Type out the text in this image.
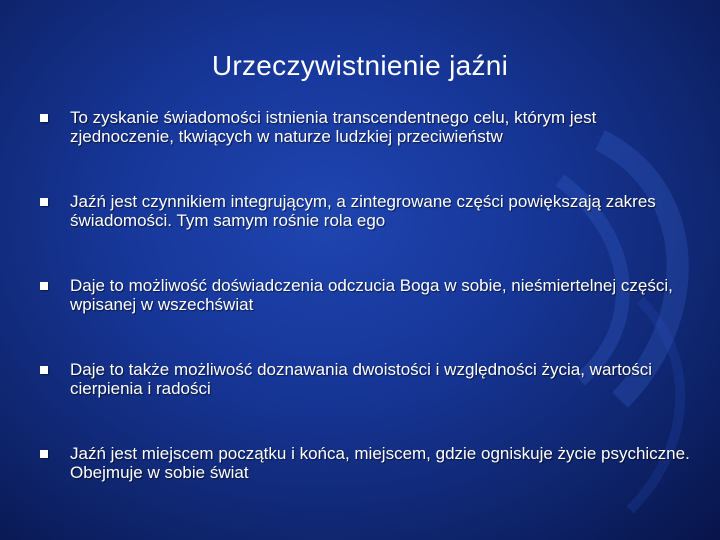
Urzeczywistnienie jaźni
To zyskanie świadomości istnienia transcendentnego celu, którym jest zjednoczenie, tkwiących w naturze ludzkiej przeciwieństw
Jaźń jest czynnikiem integrującym, a zintegrowane części powiększają zakres świadomości. Tym samym rośnie rola ego
Daje to możliwość doświadczenia odczucia Boga w sobie, nieśmiertelnej części, wpisanej w wszechświat
Daje to także możliwość doznawania dwoistości i względności życia, wartości cierpienia i radości
Jaźń jest miejscem początku i końca, miejscem, gdzie ogniskuje życie psychiczne. Obejmuje w sobie świat
